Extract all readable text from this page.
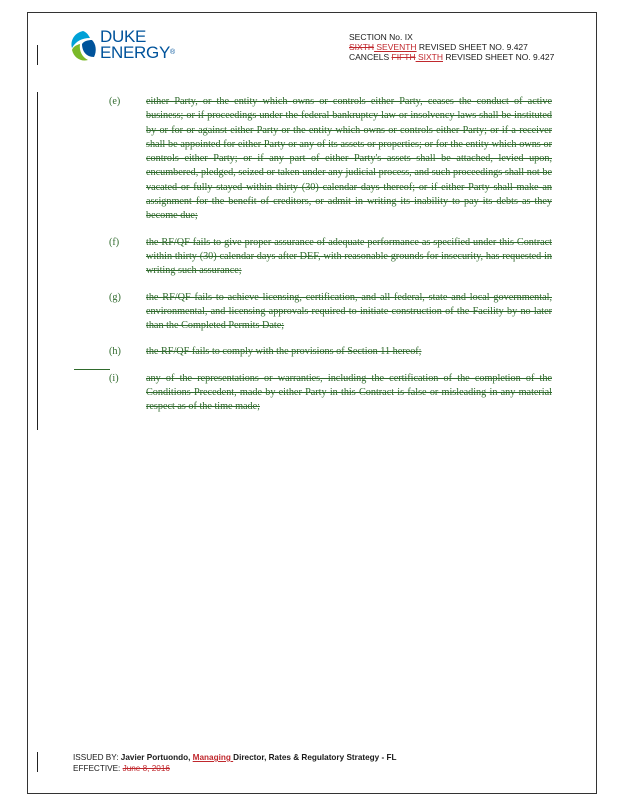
DUKE
ENERGY®
SECTION No. IX
SIXTH SEVENTH REVISED SHEET NO. 9.427
CANCELS FIFTH SIXTH REVISED SHEET NO. 9.427
(e)	either Party, or the entity which owns or controls either Party, ceases the conduct of active business; or if proceedings under the federal bankruptcy law or insolvency laws shall be instituted by or for or against either Party or the entity which owns or controls either Party; or if a receiver shall be appointed for either Party or any of its assets or properties; or for the entity which owns or controls either Party; or if any part of either Party's assets shall be attached, levied upon, encumbered, pledged, seized or taken under any judicial process, and such proceedings shall not be vacated or fully stayed within thirty (30) calendar days thereof; or if either Party shall make an assignment for the benefit of creditors, or admit in writing its inability to pay its debts as they become due;
(f)	the RF/QF fails to give proper assurance of adequate performance as specified under this Contract within thirty (30) calendar days after DEF, with reasonable grounds for insecurity, has requested in writing such assurance;
(g)	the RF/QF fails to achieve licensing, certification, and all federal, state and local governmental, environmental, and licensing approvals required to initiate construction of the Facility by no later than the Completed Permits Date;
(h)	the RF/QF fails to comply with the provisions of Section 11 hereof;
(i)	any of the representations or warranties, including the certification of the completion of the Conditions Precedent, made by either Party in this Contract is false or misleading in any material respect as of the time made;
ISSUED BY: Javier Portuondo, Managing Director, Rates & Regulatory Strategy - FL
EFFECTIVE: June 8, 2016
